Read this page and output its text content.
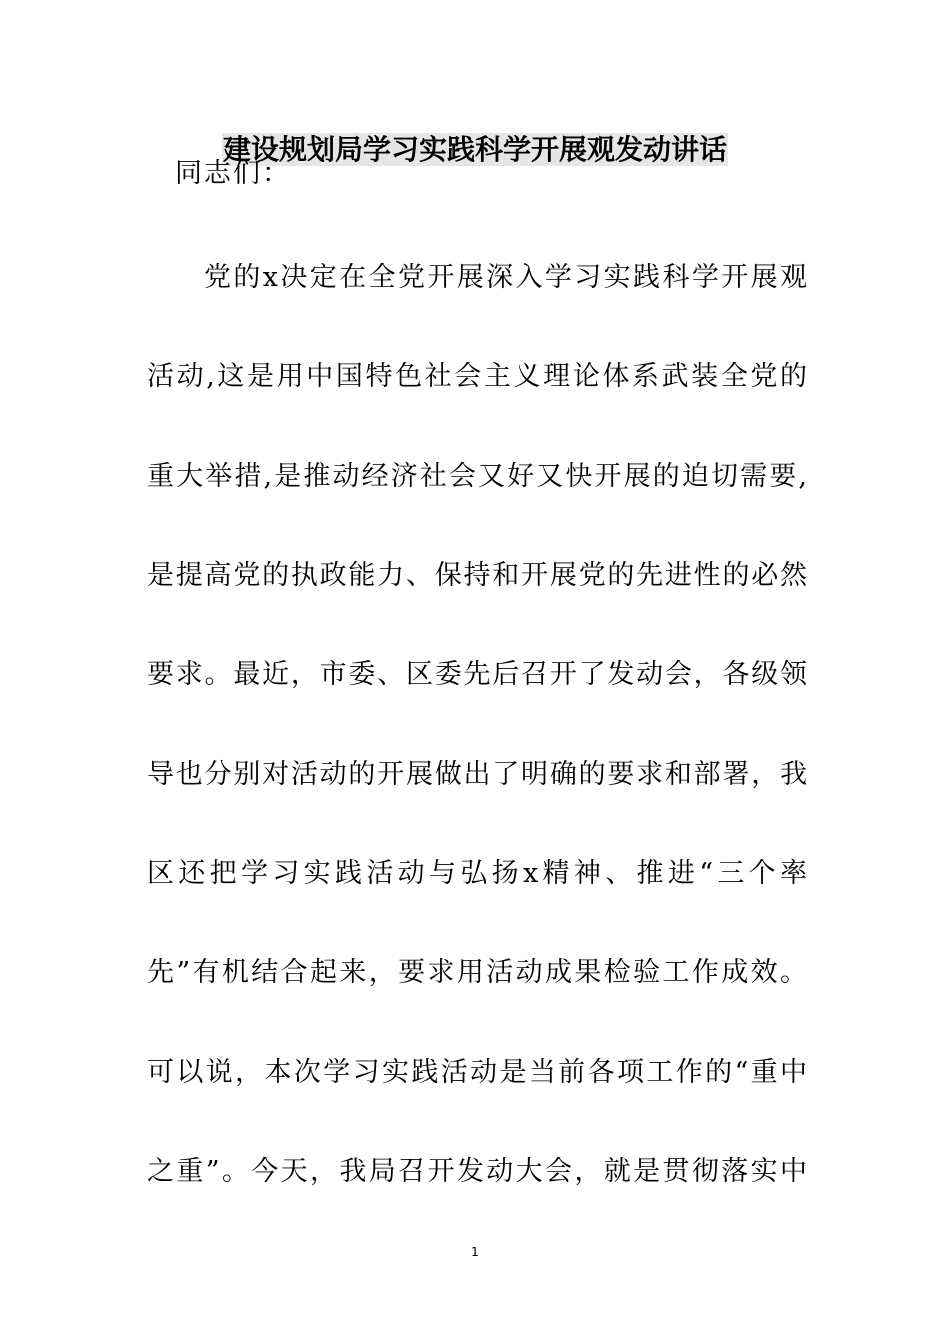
建设规划局学习实践科学开展观发动讲话
同志们：
党的x决定在全党开展深入学习实践科学开展观
活动,这是用中国特色社会主义理论体系武装全党的
重大举措,是推动经济社会又好又快开展的迫切需要,
是提高党的执政能力、保持和开展党的先进性的必然
要求。最近，市委、区委先后召开了发动会，各级领
导也分别对活动的开展做出了明确的要求和部署，我
区还把学习实践活动与弘扬x精神、推进“三个率
先”有机结合起来，要求用活动成果检验工作成效。
可以说，本次学习实践活动是当前各项工作的“重中
之重”。今天，我局召开发动大会，就是贯彻落实中
1
